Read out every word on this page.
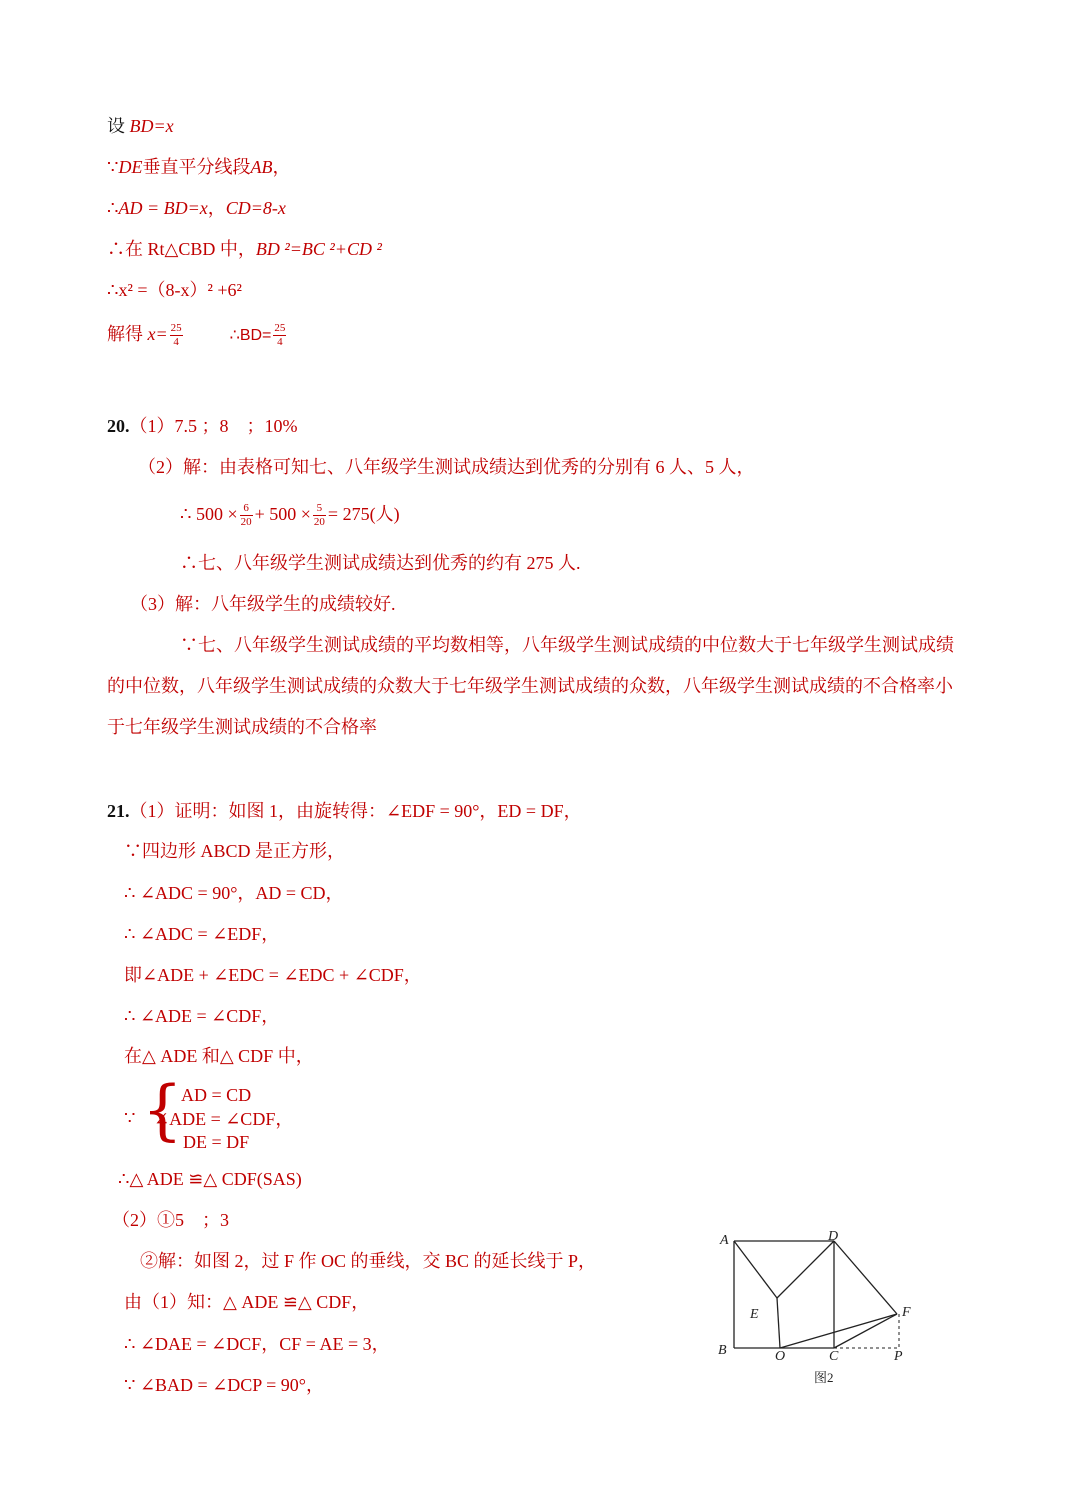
设 BD=x
∵DE垂直平分线段AB，
∴AD = BD=x，CD=8-x
∴在 Rt△CBD 中，BD ²=BC ²+CD ²
∴x² =（8-x）² +6²
解得 $x= \frac{25}{4}$	∴BD= $\frac{25}{4}$
20.（1）7.5 ；8　；10%
（2）解：由表格可知七、八年级学生测试成绩达到优秀的分别有 6 人、5 人，
∴ $500 \times \frac{6}{20} + 500 \times \frac{5}{20} = 275$(人)
∴七、八年级学生测试成绩达到优秀的约有 275 人.
（3）解：八年级学生的成绩较好.
∵七、八年级学生测试成绩的平均数相等，八年级学生测试成绩的中位数大于七年级学生测试成绩
的中位数，八年级学生测试成绩的众数大于七年级学生测试成绩的众数，八年级学生测试成绩的不合格率小
于七年级学生测试成绩的不合格率
21.（1）证明：如图 1，由旋转得：∠EDF = 90°，ED = DF，
∵四边形 ABCD 是正方形，
∴ ∠ADC = 90°，AD = CD，
∴ ∠ADC = ∠EDF，
即∠ADE + ∠EDC = ∠EDC + ∠CDF，
∴ ∠ADE = ∠CDF，
在△ ADE 和△ CDF 中，
∵ {
AD = CD
∠ADE = ∠CDF，
DE = DF
∴△ ADE ≌△ CDF(SAS)
（2）①5　；3
②解：如图 2，过 F 作 OC 的垂线，交 BC 的延长线于 P，
由（1）知：△ ADE ≌△ CDF，
∴ ∠DAE = ∠DCF，CF = AE = 3，
∵ ∠BAD = ∠DCP = 90°，
A	D
B
E	F
O	C	P
图2
